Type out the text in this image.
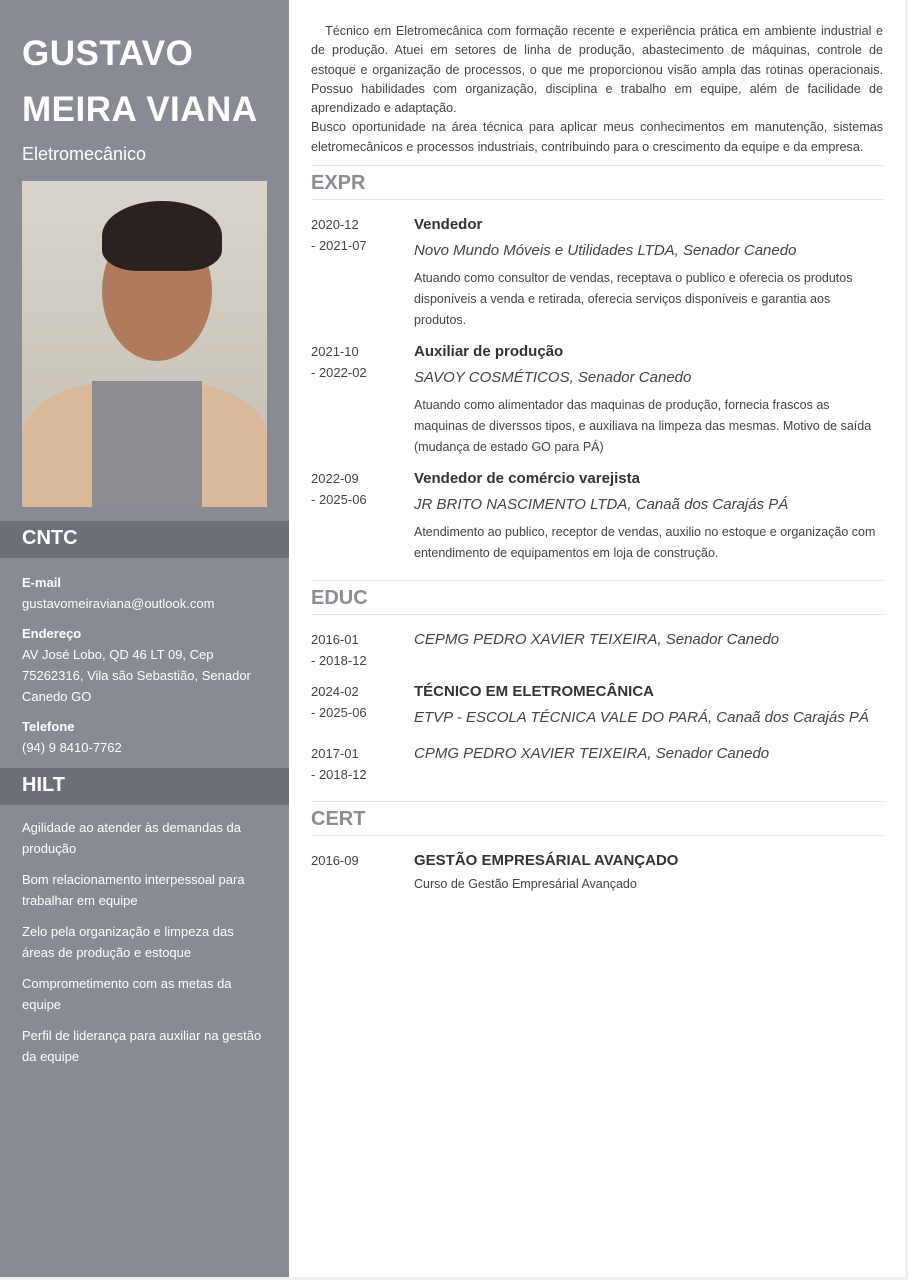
GUSTAVO
MEIRA VIANA
Eletromecânico
CNTC
E-mail
gustavomeiraviana@outlook.com
Endereço
AV José Lobo, QD 46 LT 09, Cep 75262316, Vila são Sebastião, Senador Canedo GO
Telefone
(94) 9 8410-7762
HILT
Agilidade ao atender às demandas da produção
Bom relacionamento interpessoal para trabalhar em equipe
Zelo pela organização e limpeza das áreas de produção e estoque
Comprometimento com as metas da equipe
Perfil de liderança para auxiliar na gestão da equipe
Técnico em Eletromecânica com formação recente e experiência prática em ambiente industrial e de produção. Atuei em setores de linha de produção, abastecimento de máquinas, controle de estoque e organização de processos, o que me proporcionou visão ampla das rotinas operacionais. Possuo habilidades com organização, disciplina e trabalho em equipe, além de facilidade de aprendizado e adaptação.
Busco oportunidade na área técnica para aplicar meus conhecimentos em manutenção, sistemas eletromecânicos e processos industriais, contribuindo para o crescimento da equipe e da empresa.
EXPR
2020-12
- 2021-07
Vendedor
Novo Mundo Móveis e Utilidades LTDA, Senador Canedo
Atuando como consultor de vendas, receptava o publico e oferecia os produtos disponíveis a venda e retirada, oferecia serviços disponíveis e garantia aos produtos.
2021-10
- 2022-02
Auxiliar de produção
SAVOY COSMÉTICOS, Senador Canedo
Atuando como alimentador das maquinas de produção, fornecia frascos as maquinas de diverssos tipos, e auxiliava na limpeza das mesmas. Motivo de saída (mudança de estado GO para PÁ)
2022-09
- 2025-06
Vendedor de comércio varejista
JR BRITO NASCIMENTO LTDA, Canaã dos Carajás PÁ
Atendimento ao publico, receptor de vendas, auxilio no estoque e organização com entendimento de equipamentos em loja de construção.
EDUC
2016-01
- 2018-12
CEPMG PEDRO XAVIER TEIXEIRA, Senador Canedo
2024-02
- 2025-06
TÉCNICO EM ELETROMECÂNICA
ETVP - ESCOLA TÉCNICA VALE DO PARÁ, Canaã dos Carajás PÁ
2017-01
- 2018-12
CPMG PEDRO XAVIER TEIXEIRA, Senador Canedo
CERT
2016-09	GESTÃO EMPRESÁRIAL AVANÇADO
Curso de Gestão Empresárial Avançado
